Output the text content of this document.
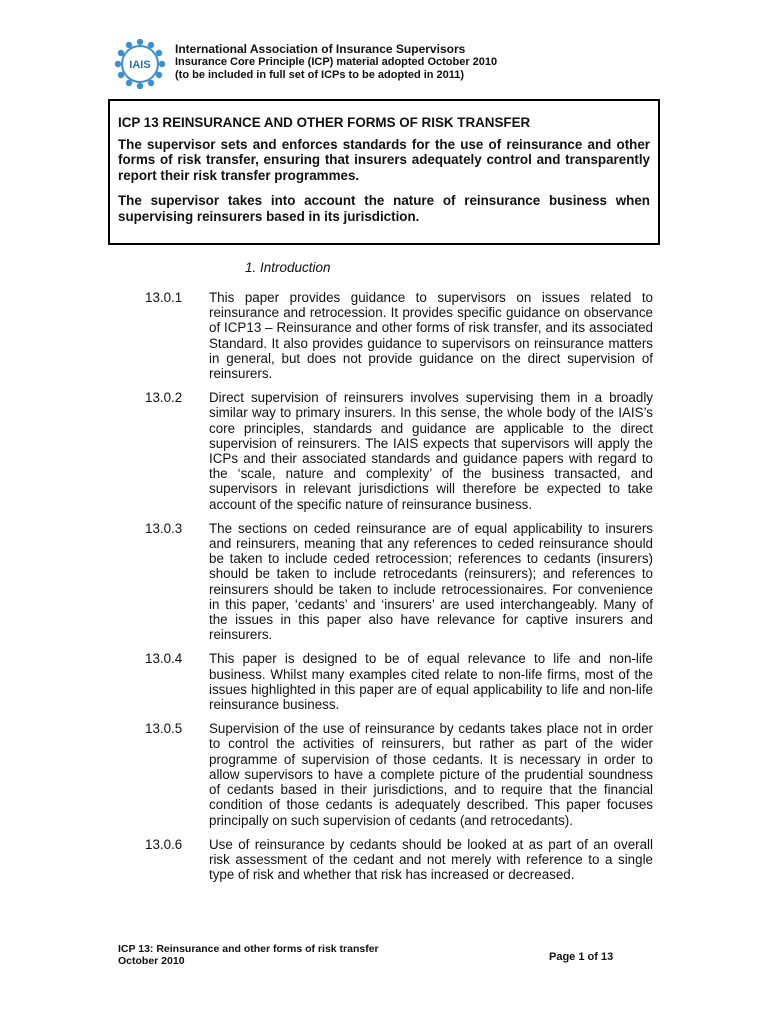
IAIS
International Association of Insurance Supervisors
Insurance Core Principle (ICP) material adopted October 2010
(to be included in full set of ICPs to be adopted in 2011)
ICP 13 REINSURANCE AND OTHER FORMS OF RISK TRANSFER

The supervisor sets and enforces standards for the use of reinsurance and other forms of risk transfer, ensuring that insurers adequately control and transparently report their risk transfer programmes.

The supervisor takes into account the nature of reinsurance business when supervising reinsurers based in its jurisdiction.

1. Introduction
13.0.1	This paper provides guidance to supervisors on issues related to reinsurance and retrocession. It provides specific guidance on observance of ICP13 – Reinsurance and other forms of risk transfer, and its associated Standard. It also provides guidance to supervisors on reinsurance matters in general, but does not provide guidance on the direct supervision of reinsurers.
13.0.2	Direct supervision of reinsurers involves supervising them in a broadly similar way to primary insurers. In this sense, the whole body of the IAIS’s core principles, standards and guidance are applicable to the direct supervision of reinsurers. The IAIS expects that supervisors will apply the ICPs and their associated standards and guidance papers with regard to the ‘scale, nature and complexity’ of the business transacted, and supervisors in relevant jurisdictions will therefore be expected to take account of the specific nature of reinsurance business.
13.0.3	The sections on ceded reinsurance are of equal applicability to insurers and reinsurers, meaning that any references to ceded reinsurance should be taken to include ceded retrocession; references to cedants (insurers) should be taken to include retrocedants (reinsurers); and references to reinsurers should be taken to include retrocessionaires. For convenience in this paper, ‘cedants’ and ‘insurers’ are used interchangeably. Many of the issues in this paper also have relevance for captive insurers and reinsurers.
13.0.4	This paper is designed to be of equal relevance to life and non-life business. Whilst many examples cited relate to non-life firms, most of the issues highlighted in this paper are of equal applicability to life and non-life reinsurance business.
13.0.5	Supervision of the use of reinsurance by cedants takes place not in order to control the activities of reinsurers, but rather as part of the wider programme of supervision of those cedants. It is necessary in order to allow supervisors to have a complete picture of the prudential soundness of cedants based in their jurisdictions, and to require that the financial condition of those cedants is adequately described. This paper focuses principally on such supervision of cedants (and retrocedants).
13.0.6	Use of reinsurance by cedants should be looked at as part of an overall risk assessment of the cedant and not merely with reference to a single type of risk and whether that risk has increased or decreased.
ICP 13: Reinsurance and other forms of risk transfer
October 2010	Page 1 of 13
